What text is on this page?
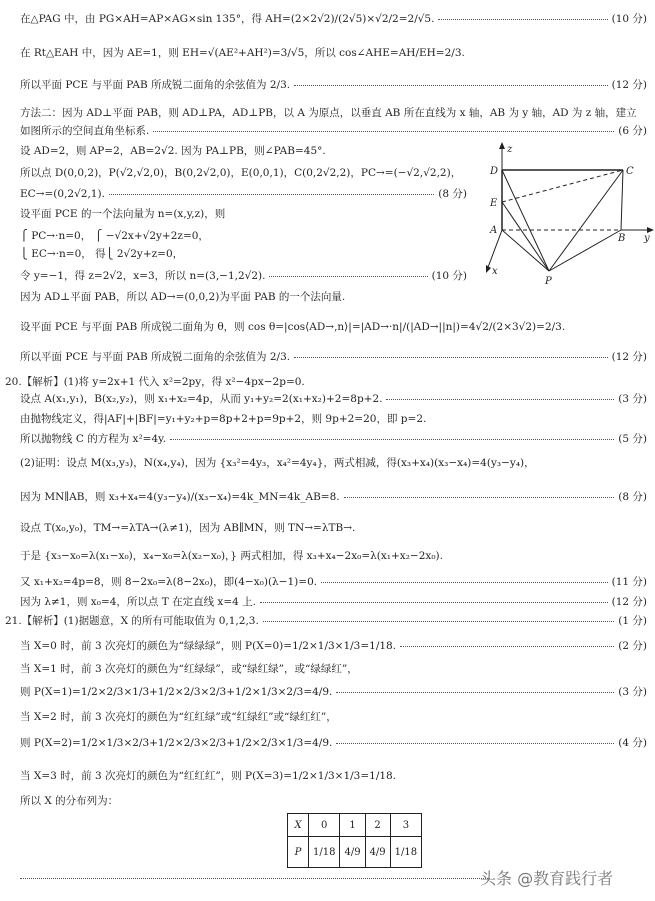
在△PAG 中，由 PG×AH=AP×AG×sin 135°，得 AH=(2×2√2)/(2√5)×√2/2=2/√5.	(10 分)
在 Rt△EAH 中，因为 AE=1，则 EH=√(AE²+AH²)=3/√5，所以 cos∠AHE=AH/EH=2/3.
所以平面 PCE 与平面 PAB 所成锐二面角的余弦值为 2/3.	(12 分)
方法二：因为 AD⊥平面 PAB，则 AD⊥PA，AD⊥PB，以 A 为原点，以垂直 AB 所在直线为 x 轴，AB 为 y 轴，AD 为 z 轴，建立
如图所示的空间直角坐标系.	(6 分)
设 AD=2，则 AP=2，AB=2√2. 因为 PA⊥PB，则∠PAB=45°.
所以点 D(0,0,2)，P(√2,√2,0)，B(0,2√2,0)，E(0,0,1)，C(0,2√2,2)，PC→=(−√2,√2,2)，
EC→=(0,2√2,1).	(8 分)
设平面 PCE 的一个法向量为 n=(x,y,z)，则
⎧ PC→·n=0， ⎧ −√2x+√2y+2z=0，
⎩ EC→·n=0， 得⎩ 2√2y+z=0，
令 y=−1，得 z=2√2，x=3，所以 n=(3,−1,2√2).	(10 分)
因为 AD⊥平面 PAB，所以 AD→=(0,0,2)为平面 PAB 的一个法向量.
设平面 PCE 与平面 PAB 所成锐二面角为 θ，则 cos θ=|cos⟨AD→,n⟩|=|AD→·n|/(|AD→||n|)=4√2/(2×3√2)=2/3.
所以平面 PCE 与平面 PAB 所成锐二面角的余弦值为 2/3.	(12 分)
20.【解析】(1)将 y=2x+1 代入 x²=2py，得 x²−4px−2p=0.
设点 A(x₁,y₁)，B(x₂,y₂)，则 x₁+x₂=4p，从而 y₁+y₂=2(x₁+x₂)+2=8p+2.	(3 分)
由抛物线定义，得|AF|+|BF|=y₁+y₂+p=8p+2+p=9p+2，则 9p+2=20，即 p=2.
所以抛物线 C 的方程为 x²=4y.	(5 分)
(2)证明：设点 M(x₃,y₃)，N(x₄,y₄)，因为 {x₃²=4y₃，x₄²=4y₄}，两式相减，得(x₃+x₄)(x₃−x₄)=4(y₃−y₄)，
因为 MN∥AB，则 x₃+x₄=4(y₃−y₄)/(x₃−x₄)=4k_MN=4k_AB=8.	(8 分)
设点 T(x₀,y₀)，TM→=λTA→(λ≠1)，因为 AB∥MN，则 TN→=λTB→.
于是 {x₃−x₀=λ(x₁−x₀)，x₄−x₀=λ(x₂−x₀)，} 两式相加，得 x₃+x₄−2x₀=λ(x₁+x₂−2x₀).
又 x₁+x₂=4p=8，则 8−2x₀=λ(8−2x₀)，即(4−x₀)(λ−1)=0.	(11 分)
因为 λ≠1，则 x₀=4，所以点 T 在定直线 x=4 上.	(12 分)
21.【解析】(1)据题意，X 的所有可能取值为 0,1,2,3.	(1 分)
当 X=0 时，前 3 次亮灯的颜色为“绿绿绿”，则 P(X=0)=1/2×1/3×1/3=1/18.	(2 分)
当 X=1 时，前 3 次亮灯的颜色为“红绿绿”，或“绿红绿”，或“绿绿红”，
则 P(X=1)=1/2×2/3×1/3+1/2×2/3×2/3+1/2×1/3×2/3=4/9.	(3 分)
当 X=2 时，前 3 次亮灯的颜色为“红红绿”或“红绿红”或“绿红红”，
则 P(X=2)=1/2×1/3×2/3+1/2×2/3×2/3+1/2×2/3×1/3=4/9.	(4 分)
当 X=3 时，前 3 次亮灯的颜色为“红红红”，则 P(X=3)=1/2×1/3×1/3=1/18.
所以 X 的分布列为：
z
D	C
E
A
B y
x
P
X	0	1	2	3
P	1/18	4/9	4/9	1/18
头条 @教育践行者
